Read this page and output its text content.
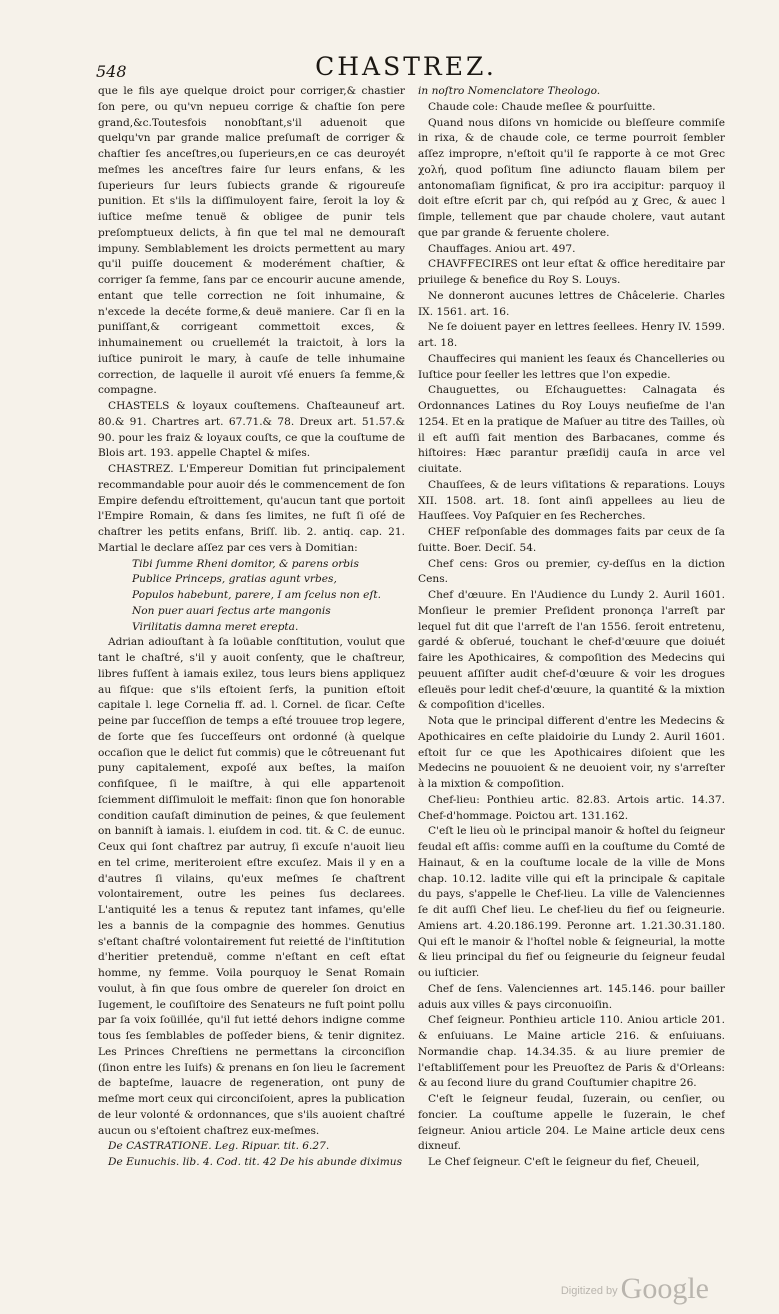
548	CHASTREZ.

que le fils aye quelque droict pour corriger,& chastier ſon pere, ou qu'vn nepueu corrige & chaſtie ſon pere grand,&c.Toutesfois nonobſtant,s'il aduenoit que quelqu'vn par grande malice preſumaſt de corriger & chaſtier ſes anceſtres,ou ſuperieurs,en ce cas deuroyét meſmes les anceſtres faire ſur leurs enfans, & les ſuperieurs ſur leurs ſubiects grande & rigoureuſe punition. Et s'ils la diſſimuloyent faire, ſeroit la loy & iuſtice meſme tenuë & obligee de punir tels preſomptueux delicts, à fin que tel mal ne demouraſt impuny. Semblablement les droicts permettent au mary qu'il puiſſe doucement & moderément chaſtier, & corriger ſa femme, ſans par ce encourir aucune amende, entant que telle correction ne ſoit inhumaine, & n'excede la decéte forme,& deuë maniere. Car ſi en la puniſſant,& corrigeant commettoit exces, & inhumainement ou cruellemét la traictoit, à lors la iuſtice puniroit le mary, à cauſe de telle inhumaine correction, de laquelle il auroit vſé enuers ſa femme,& compagne.

CHASTELS & loyaux couſtemens. Chaſteauneuf art. 80.& 91. Chartres art. 67.71.& 78. Dreux art. 51.57.& 90. pour les fraiz & loyaux couſts, ce que la couſtume de Blois art. 193. appelle Chaptel & miſes.

CHASTREZ. L'Empereur Domitian fut principalement recommandable pour auoir dés le commencement de ſon Empire defendu eſtroittement, qu'aucun tant que portoit l'Empire Romain, & dans ſes limites, ne fuſt ſi oſé de chaſtrer les petits enfans, Briſſ. lib. 2. antiq. cap. 21. Martial le declare aſſez par ces vers à Domitian:

Tibi ſumme Rheni domitor, & parens orbis

Publice Princeps, gratias agunt vrbes,

Populos habebunt, parere, I am ſcelus non eſt.

Non puer auari ſectus arte mangonis

Virilitatis damna meret erepta.

Adrian adiouſtant à ſa loüable conſtitution, voulut que tant le chaſtré, s'il y auoit conſenty, que le chaſtreur, libres fuſſent à iamais exilez, tous leurs biens appliquez au fiſque: que s'ils eſtoient ſerfs, la punition eſtoit capitale l. lege Cornelia ff. ad. l. Cornel. de ſicar. Ceſte peine par ſucceſſion de temps a eſté trouuee trop legere, de ſorte que ſes ſucceſſeurs ont ordonné (à quelque occaſion que le delict fut commis) que le côtreuenant fut puny capitalement, expoſé aux beſtes, la maiſon confiſquee, ſi le maiſtre, à qui elle appartenoit ſciemment diſſimuloit le meffait: ſinon que ſon honorable condition cauſaſt diminution de peines, & que ſeulement on banniſt à iamais. l. eiuſdem in cod. tit. & C. de eunuc. Ceux qui ſont chaſtrez par autruy, ſi excuſe n'auoit lieu en tel crime, meriteroient eſtre excuſez. Mais il y en a d'autres ſi vilains, qu'eux meſmes ſe chaſtrent volontairement, outre les peines ſus declarees. L'antiquité les a tenus & reputez tant infames, qu'elle les a bannis de la compagnie des hommes. Genutius s'eſtant chaſtré volontairement fut reietté de l'inſtitution d'heritier pretenduë, comme n'eſtant en ceſt eſtat homme, ny femme. Voila pourquoy le Senat Romain voulut, à fin que ſous ombre de quereler ſon droict en Iugement, le couſiſtoire des Senateurs ne fuſt point pollu par ſa voix ſoüillée, qu'il fut ietté dehors indigne comme tous ſes ſemblables de poſſeder biens, & tenir dignitez. Les Princes Chreſtiens ne permettans la circonciſion (ſinon entre les Iuifs) & prenans en ſon lieu le ſacrement de bapteſme, lauacre de regeneration, ont puny de meſme mort ceux qui circonciſoient, apres la publication de leur volonté & ordonnances, que s'ils auoient chaſtré aucun ou s'eſtoient chaſtrez eux-meſmes.

De CASTRATIONE. Leg. Ripuar. tit. 6.27.

De Eunuchis. lib. 4. Cod. tit. 42 De his abunde diximus

in noſtro Nomenclatore Theologo.

Chaude cole: Chaude meſlee & pourſuitte.

Quand nous diſons vn homicide ou bleſſeure commiſe in rixa, & de chaude cole, ce terme pourroit ſembler aſſez impropre, n'eſtoit qu'il ſe rapporte à ce mot Grec χολή, quod poſitum ſine adiuncto flauam bilem per antonomaſiam ſignificat, & pro ira accipitur: parquoy il doit eſtre eſcrit par ch, qui reſpód au χ Grec, & auec l ſimple, tellement que par chaude cholere, vaut autant que par grande & feruente cholere.

Chauffages. Aniou art. 497.

CHAVFFECIRES ont leur eſtat & office hereditaire par priuilege & benefice du Roy S. Louys.

Ne donneront aucunes lettres de Châcelerie. Charles IX. 1561. art. 16.

Ne ſe doiuent payer en lettres ſeellees. Henry IV. 1599. art. 18.

Chauffecires qui manient les ſeaux és Chancelleries ou Iuſtice pour ſeeller les lettres que l'on expedie.

Chauguettes, ou Eſchauguettes: Calnagata és Ordonnances Latines du Roy Louys neufieſme de l'an 1254. Et en la pratique de Maſuer au titre des Tailles, où il eſt auſſi fait mention des Barbacanes, comme és hiſtoires: Hæc parantur præſidij cauſa in arce vel ciuitate.

Chauſſees, & de leurs viſitations & reparations. Louys XII. 1508. art. 18. ſont ainſi appellees au lieu de Hauſſees. Voy Paſquier en ſes Recherches.

CHEF reſponſable des dommages faits par ceux de ſa ſuitte. Boer. Deciſ. 54.

Chef cens: Gros ou premier, cy-deſſus en la diction Cens.

Chef d'œuure. En l'Audience du Lundy 2. Auril 1601. Monſieur le premier Preſident prononça l'arreſt par lequel fut dit que l'arreſt de l'an 1556. ſeroit entretenu, gardé & obſerué, touchant le chef-d'œuure que doiuét faire les Apothicaires, & compoſition des Medecins qui peuuent aſſiſter audit chef-d'œuure & voir les drogues eſleuës pour ledit chef-d'œuure, la quantité & la mixtion & compoſition d'icelles.

Nota que le principal different d'entre les Medecins & Apothicaires en ceſte plaidoirie du Lundy 2. Auril 1601. eſtoit ſur ce que les Apothicaires diſoient que les Medecins ne pouuoient & ne deuoient voir, ny s'arreſter à la mixtion & compoſition.

Chef-lieu: Ponthieu artic. 82.83. Artois artic. 14.37. Chef-d'hommage. Poictou art. 131.162.

C'eſt le lieu où le principal manoir & hoſtel du ſeigneur feudal eſt aſſis: comme auſſi en la couſtume du Comté de Hainaut, & en la couſtume locale de la ville de Mons chap. 10.12. ladite ville qui eſt la principale & capitale du pays, s'appelle le Chef-lieu. La ville de Valenciennes ſe dit auſſi Chef lieu. Le chef-lieu du fief ou ſeigneurie. Amiens art. 4.20.186.199. Peronne art. 1.21.30.31.180. Qui eſt le manoir & l'hoſtel noble & ſeigneurial, la motte & lieu principal du fief ou ſeigneurie du ſeigneur feudal ou iuſticier.

Chef de ſens. Valenciennes art. 145.146. pour bailler aduis aux villes & pays circonuoiſin.

Chef ſeigneur. Ponthieu article 110. Aniou article 201. & enſuiuans. Le Maine article 216. & enſuiuans. Normandie chap. 14.34.35. & au liure premier de l'eſtabliſſement pour les Preuoſtez de Paris & d'Orleans: & au ſecond liure du grand Couſtumier chapitre 26.

C'eſt le ſeigneur feudal, ſuzerain, ou cenſier, ou foncier. La couſtume appelle le ſuzerain, le chef ſeigneur. Aniou article 204. Le Maine article deux cens dixneuf.

Le Chef ſeigneur. C'eſt le ſeigneur du fief, Cheueil,

$^{Digitized by}$ Google
